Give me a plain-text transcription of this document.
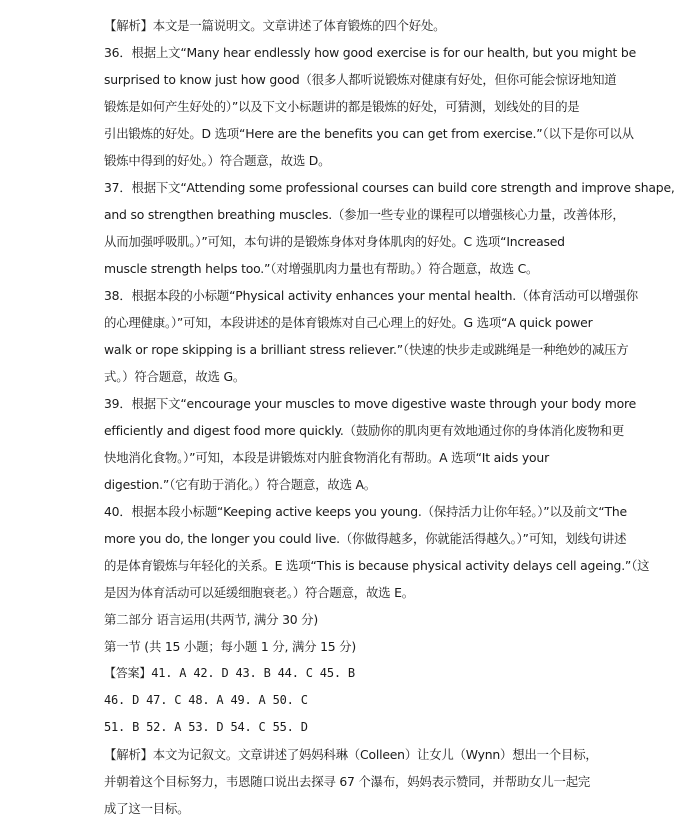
【解析】本文是一篇说明文。文章讲述了体育锻炼的四个好处。
36．根据上文“Many hear endlessly how good exercise is for our health, but you might be
surprised to know just how good（很多人都听说锻炼对健康有好处，但你可能会惊讶地知道
锻炼是如何产生好处的）”以及下文小标题讲的都是锻炼的好处，可猜测，划线处的目的是
引出锻炼的好处。D 选项“Here are the benefits you can get from exercise.”（以下是你可以从
锻炼中得到的好处。）符合题意，故选 D。
37．根据下文“Attending some professional courses can build core strength and improve shape,
and so strengthen breathing muscles.（参加一些专业的课程可以增强核心力量，改善体形，
从而加强呼吸肌。）”可知，本句讲的是锻炼身体对身体肌肉的好处。C 选项“Increased
muscle strength helps too.”（对增强肌肉力量也有帮助。）符合题意，故选 C。
38．根据本段的小标题“Physical activity enhances your mental health.（体育活动可以增强你
的心理健康。）”可知，本段讲述的是体育锻炼对自己心理上的好处。G 选项“A quick power
walk or rope skipping is a brilliant stress reliever.”（快速的快步走或跳绳是一种绝妙的减压方
式。）符合题意，故选 G。
39．根据下文“encourage your muscles to move digestive waste through your body more
efficiently and digest food more quickly.（鼓励你的肌肉更有效地通过你的身体消化废物和更
快地消化食物。）”可知，本段是讲锻炼对内脏食物消化有帮助。A 选项“It aids your
digestion.”（它有助于消化。）符合题意，故选 A。
40．根据本段小标题“Keeping active keeps you young.（保持活力让你年轻。）”以及前文“The
more you do, the longer you could live.（你做得越多，你就能活得越久。）”可知，划线句讲述
的是体育锻炼与年轻化的关系。E 选项“This is because physical activity delays cell ageing.”（这
是因为体育活动可以延缓细胞衰老。）符合题意，故选 E。
第二部分 语言运用(共两节, 满分 30 分)
第一节 (共 15 小题；每小题 1 分, 满分 15 分)
【答案】41. A 42. D 43. B 44. C 45. B
46. D 47. C 48. A 49. A 50. C
51. B 52. A 53. D 54. C 55. D
【解析】本文为记叙文。文章讲述了妈妈科琳（Colleen）让女儿（Wynn）想出一个目标，
并朝着这个目标努力，韦恩随口说出去探寻 67 个瀑布，妈妈表示赞同，并帮助女儿一起完
成了这一目标。
